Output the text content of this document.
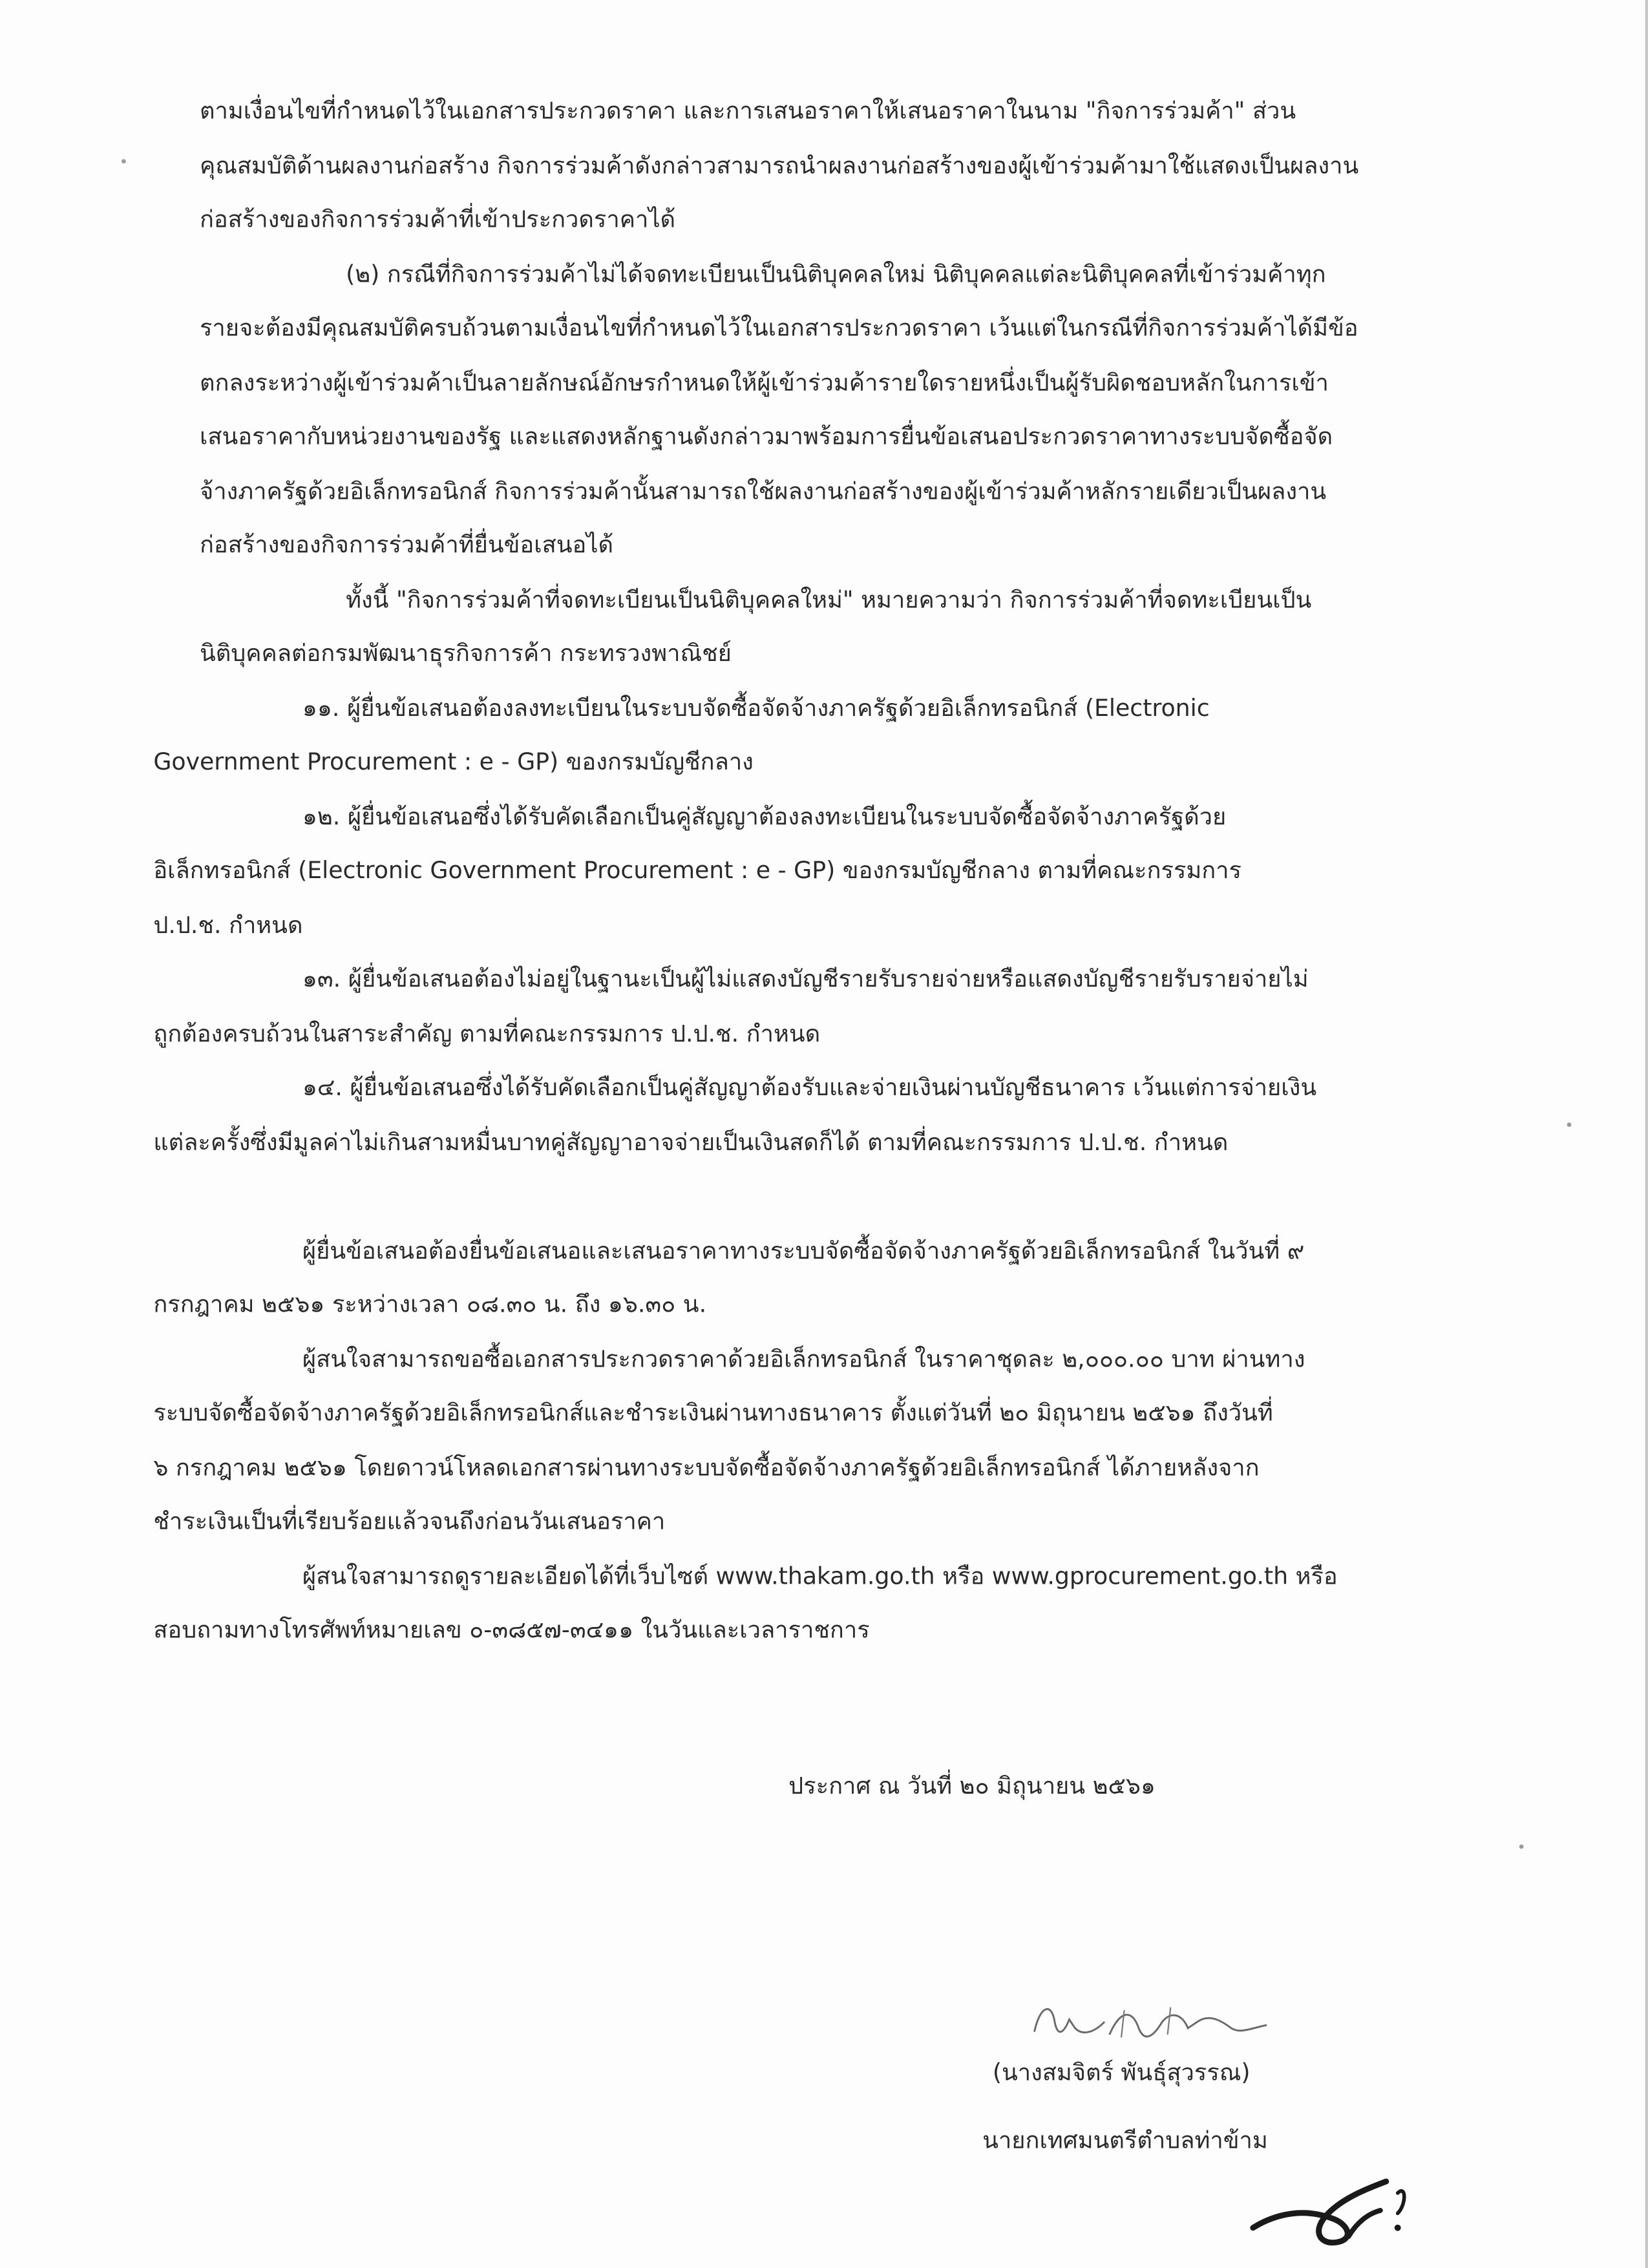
ตามเงื่อนไขที่กำหนดไว้ในเอกสารประกวดราคา และการเสนอราคาให้เสนอราคาในนาม "กิจการร่วมค้า" ส่วน
คุณสมบัติด้านผลงานก่อสร้าง กิจการร่วมค้าดังกล่าวสามารถนำผลงานก่อสร้างของผู้เข้าร่วมค้ามาใช้แสดงเป็นผลงาน
ก่อสร้างของกิจการร่วมค้าที่เข้าประกวดราคาได้
(๒) กรณีที่กิจการร่วมค้าไม่ได้จดทะเบียนเป็นนิติบุคคลใหม่ นิติบุคคลแต่ละนิติบุคคลที่เข้าร่วมค้าทุก
รายจะต้องมีคุณสมบัติครบถ้วนตามเงื่อนไขที่กำหนดไว้ในเอกสารประกวดราคา เว้นแต่ในกรณีที่กิจการร่วมค้าได้มีข้อ
ตกลงระหว่างผู้เข้าร่วมค้าเป็นลายลักษณ์อักษรกำหนดให้ผู้เข้าร่วมค้ารายใดรายหนึ่งเป็นผู้รับผิดชอบหลักในการเข้า
เสนอราคากับหน่วยงานของรัฐ และแสดงหลักฐานดังกล่าวมาพร้อมการยื่นข้อเสนอประกวดราคาทางระบบจัดซื้อจัด
จ้างภาครัฐด้วยอิเล็กทรอนิกส์ กิจการร่วมค้านั้นสามารถใช้ผลงานก่อสร้างของผู้เข้าร่วมค้าหลักรายเดียวเป็นผลงาน
ก่อสร้างของกิจการร่วมค้าที่ยื่นข้อเสนอได้
ทั้งนี้ "กิจการร่วมค้าที่จดทะเบียนเป็นนิติบุคคลใหม่" หมายความว่า กิจการร่วมค้าที่จดทะเบียนเป็น
นิติบุคคลต่อกรมพัฒนาธุรกิจการค้า กระทรวงพาณิชย์
๑๑. ผู้ยื่นข้อเสนอต้องลงทะเบียนในระบบจัดซื้อจัดจ้างภาครัฐด้วยอิเล็กทรอนิกส์ (Electronic
Government Procurement : e - GP) ของกรมบัญชีกลาง
๑๒. ผู้ยื่นข้อเสนอซึ่งได้รับคัดเลือกเป็นคู่สัญญาต้องลงทะเบียนในระบบจัดซื้อจัดจ้างภาครัฐด้วย
อิเล็กทรอนิกส์ (Electronic Government Procurement : e - GP) ของกรมบัญชีกลาง ตามที่คณะกรรมการ
ป.ป.ช. กำหนด
๑๓. ผู้ยื่นข้อเสนอต้องไม่อยู่ในฐานะเป็นผู้ไม่แสดงบัญชีรายรับรายจ่ายหรือแสดงบัญชีรายรับรายจ่ายไม่
ถูกต้องครบถ้วนในสาระสำคัญ ตามที่คณะกรรมการ ป.ป.ช. กำหนด
๑๔. ผู้ยื่นข้อเสนอซึ่งได้รับคัดเลือกเป็นคู่สัญญาต้องรับและจ่ายเงินผ่านบัญชีธนาคาร เว้นแต่การจ่ายเงิน
แต่ละครั้งซึ่งมีมูลค่าไม่เกินสามหมื่นบาทคู่สัญญาอาจจ่ายเป็นเงินสดก็ได้ ตามที่คณะกรรมการ ป.ป.ช. กำหนด
ผู้ยื่นข้อเสนอต้องยื่นข้อเสนอและเสนอราคาทางระบบจัดซื้อจัดจ้างภาครัฐด้วยอิเล็กทรอนิกส์ ในวันที่ ๙
กรกฎาคม ๒๕๖๑ ระหว่างเวลา ๐๘.๓๐ น. ถึง ๑๖.๓๐ น.
ผู้สนใจสามารถขอซื้อเอกสารประกวดราคาด้วยอิเล็กทรอนิกส์ ในราคาชุดละ ๒,๐๐๐.๐๐ บาท ผ่านทาง
ระบบจัดซื้อจัดจ้างภาครัฐด้วยอิเล็กทรอนิกส์และชำระเงินผ่านทางธนาคาร ตั้งแต่วันที่ ๒๐ มิถุนายน ๒๕๖๑ ถึงวันที่
๖ กรกฎาคม ๒๕๖๑ โดยดาวน์โหลดเอกสารผ่านทางระบบจัดซื้อจัดจ้างภาครัฐด้วยอิเล็กทรอนิกส์ ได้ภายหลังจาก
ชำระเงินเป็นที่เรียบร้อยแล้วจนถึงก่อนวันเสนอราคา
ผู้สนใจสามารถดูรายละเอียดได้ที่เว็บไซต์ www.thakam.go.th หรือ www.gprocurement.go.th หรือ
สอบถามทางโทรศัพท์หมายเลข ๐-๓๘๕๗-๓๔๑๑ ในวันและเวลาราชการ
ประกาศ ณ วันที่ ๒๐ มิถุนายน ๒๕๖๑
(นางสมจิตร์ พันธุ์สุวรรณ)
นายกเทศมนตรีตำบลท่าข้าม
